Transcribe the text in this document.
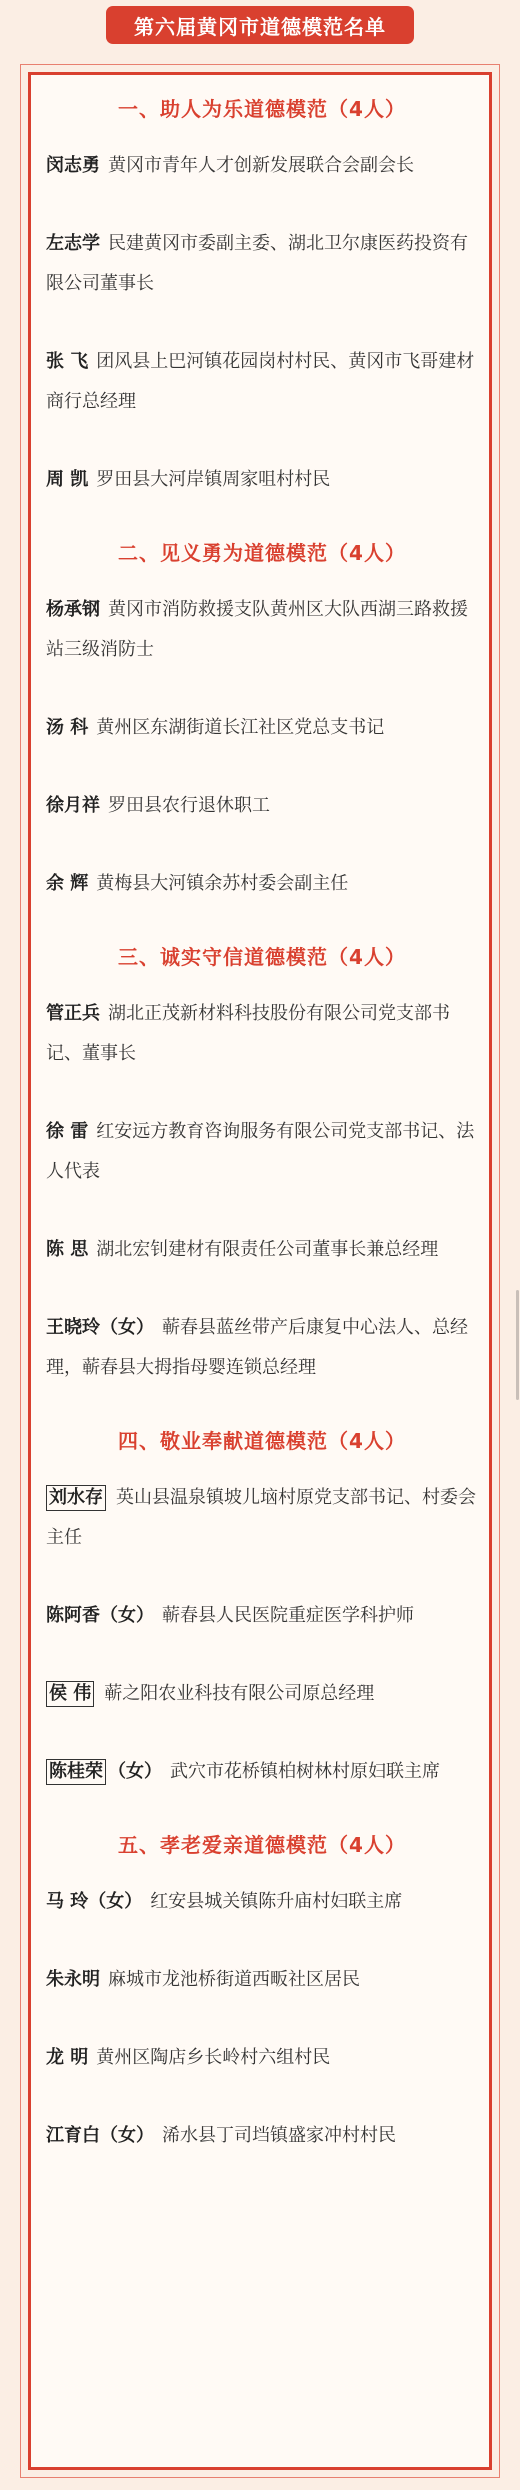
第六届黄冈市道德模范名单
一、助人为乐道德模范（4人）
闵志勇 黄冈市青年人才创新发展联合会副会长
左志学 民建黄冈市委副主委、湖北卫尔康医药投资有限公司董事长
张 飞 团风县上巴河镇花园岗村村民、黄冈市飞哥建材商行总经理
周 凯 罗田县大河岸镇周家咀村村民
二、见义勇为道德模范（4人）
杨承钢 黄冈市消防救援支队黄州区大队西湖三路救援站三级消防士
汤 科 黄州区东湖街道长江社区党总支书记
徐月祥 罗田县农行退休职工
余 辉 黄梅县大河镇余苏村委会副主任
三、诚实守信道德模范（4人）
管正兵 湖北正茂新材料科技股份有限公司党支部书记、董事长
徐 雷 红安远方教育咨询服务有限公司党支部书记、法人代表
陈 思 湖北宏钊建材有限责任公司董事长兼总经理
王晓玲（女） 蕲春县蓝丝带产后康复中心法人、总经理，蕲春县大拇指母婴连锁总经理
四、敬业奉献道德模范（4人）
刘水存 英山县温泉镇坡儿垴村原党支部书记、村委会主任
陈阿香（女） 蕲春县人民医院重症医学科护师
侯 伟 蕲之阳农业科技有限公司原总经理
陈桂荣 （女） 武穴市花桥镇柏树林村原妇联主席
五、孝老爱亲道德模范（4人）
马 玲（女） 红安县城关镇陈升庙村妇联主席
朱永明 麻城市龙池桥街道西畈社区居民
龙 明 黄州区陶店乡长岭村六组村民
江育白（女） 浠水县丁司垱镇盛家冲村村民
